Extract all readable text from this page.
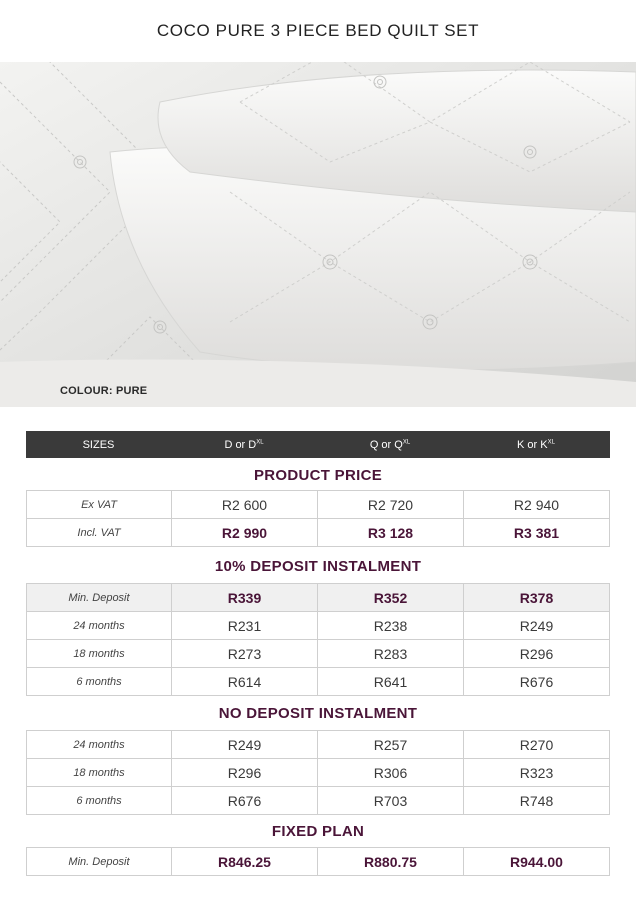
COCO PURE 3 PIECE BED QUILT SET
COLOUR: PURE
SIZES	D or $D^{XL}$	Q or $Q^{XL}$	K or $K^{XL}$
PRODUCT PRICE
Ex VAT	R2 600	R2 720	R2 940
Incl. VAT	R2 990	R3 128	R3 381
10% DEPOSIT INSTALMENT
Min. Deposit	R339	R352	R378
24 months	R231	R238	R249
18 months	R273	R283	R296
6 months	R614	R641	R676
NO DEPOSIT INSTALMENT
24 months	R249	R257	R270
18 months	R296	R306	R323
6 months	R676	R703	R748
FIXED PLAN
Min. Deposit	R846.25	R880.75	R944.00
